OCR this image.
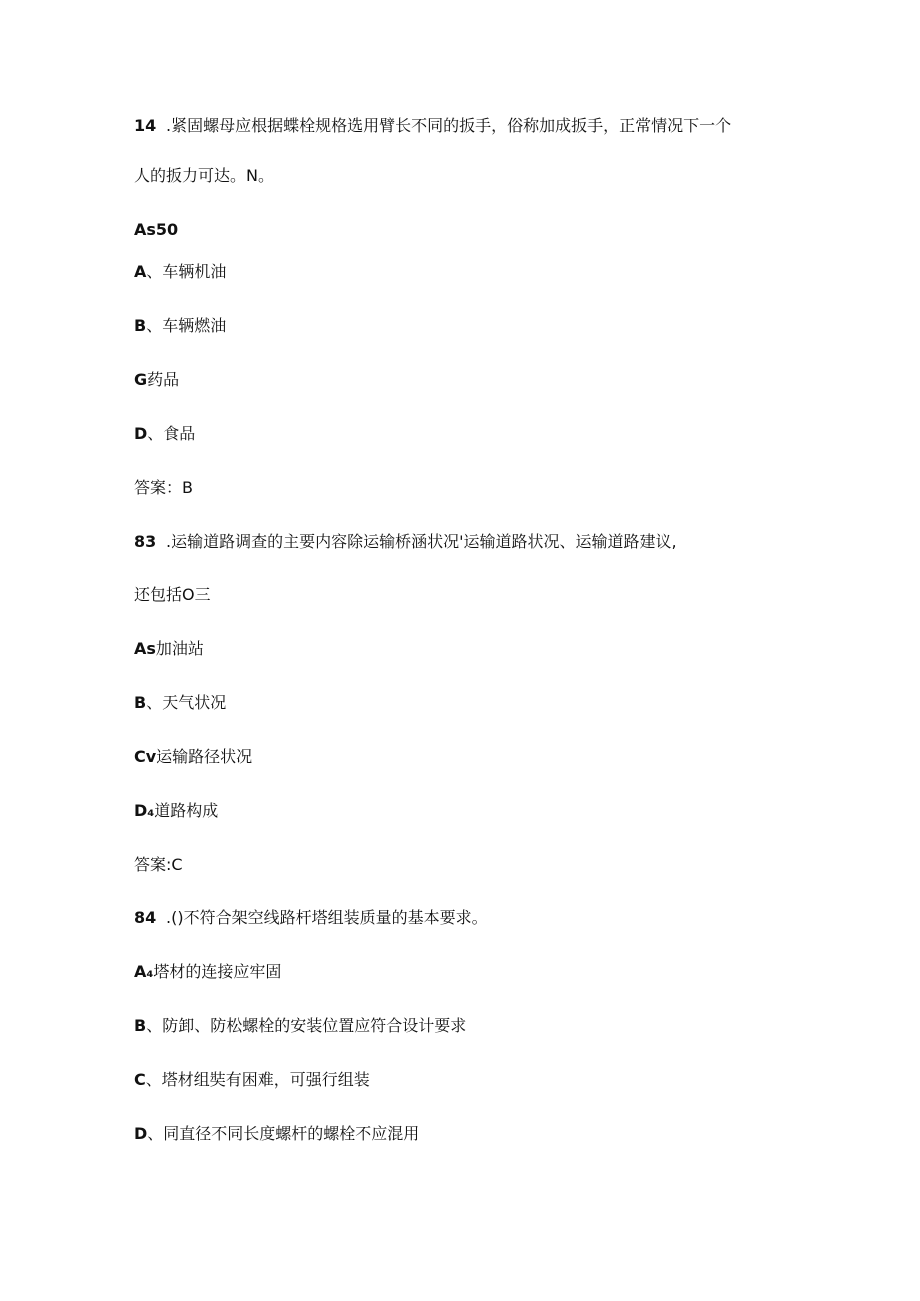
14 .紧固螺母应根据蝶栓规格选用臂长不同的扳手，俗称加成扳手，正常情况下一个
人的扳力可达。N。
As50
A、车辆机油
B、车辆燃油
G药品
D、食品
答案：B
83 .运输道路调查的主要内容除运输桥涵状况'运输道路状况、运输道路建议,
还包括O三
As加油站
B、天气状况
Cv运输路径状况
D₄道路构成
答案:C
84 .()不符合架空线路杆塔组装质量的基本要求。
A₄塔材的连接应牢固
B、防卸、防松螺栓的安装位置应符合设计要求
C、塔材组奘有困难，可强行组装
D、同直径不同长度螺杆的螺栓不应混用
